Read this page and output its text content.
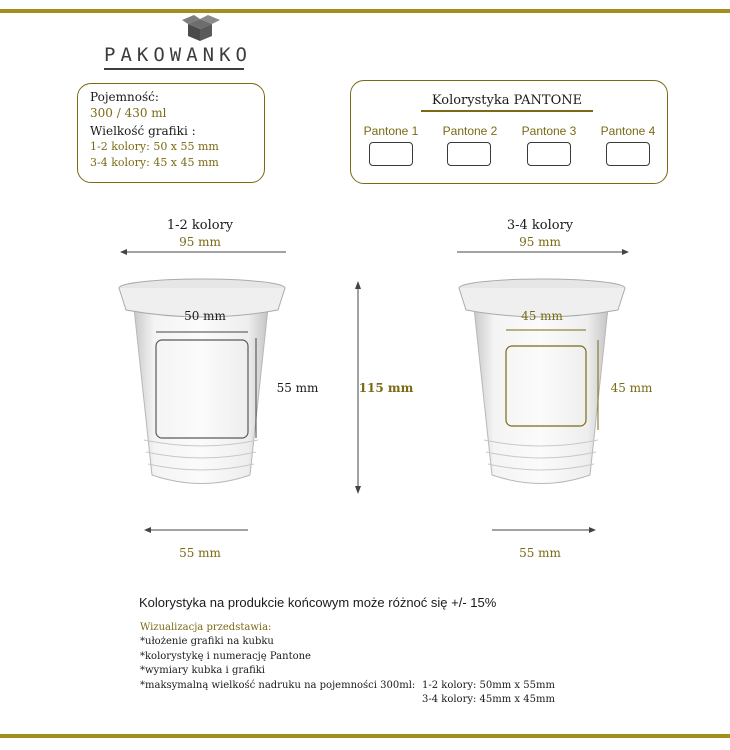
PAKOWANKO
Pojemność:
300 / 430 ml
Wielkość grafiki :
1-2 kolory: 50 x 55 mm
3-4 kolory: 45 x 45 mm
Kolorystyka PANTONE
Pantone 1	Pantone 2	Pantone 3	Pantone 4
1-2 kolory
95 mm
50 mm
55 mm	115 mm
3-4 kolory
95 mm
45 mm
45 mm
55 mm	55 mm
Kolorystyka na produkcie końcowym może różnoć się +/- 15%
Wizualizacja przedstawia:
*ułożenie grafiki na kubku
*kolorystykę i numerację Pantone
*wymiary kubka i grafiki
*maksymalną wielkość nadruku na pojemności 300ml: 1-2 kolory: 50mm x 55mm
3-4 kolory: 45mm x 45mm
